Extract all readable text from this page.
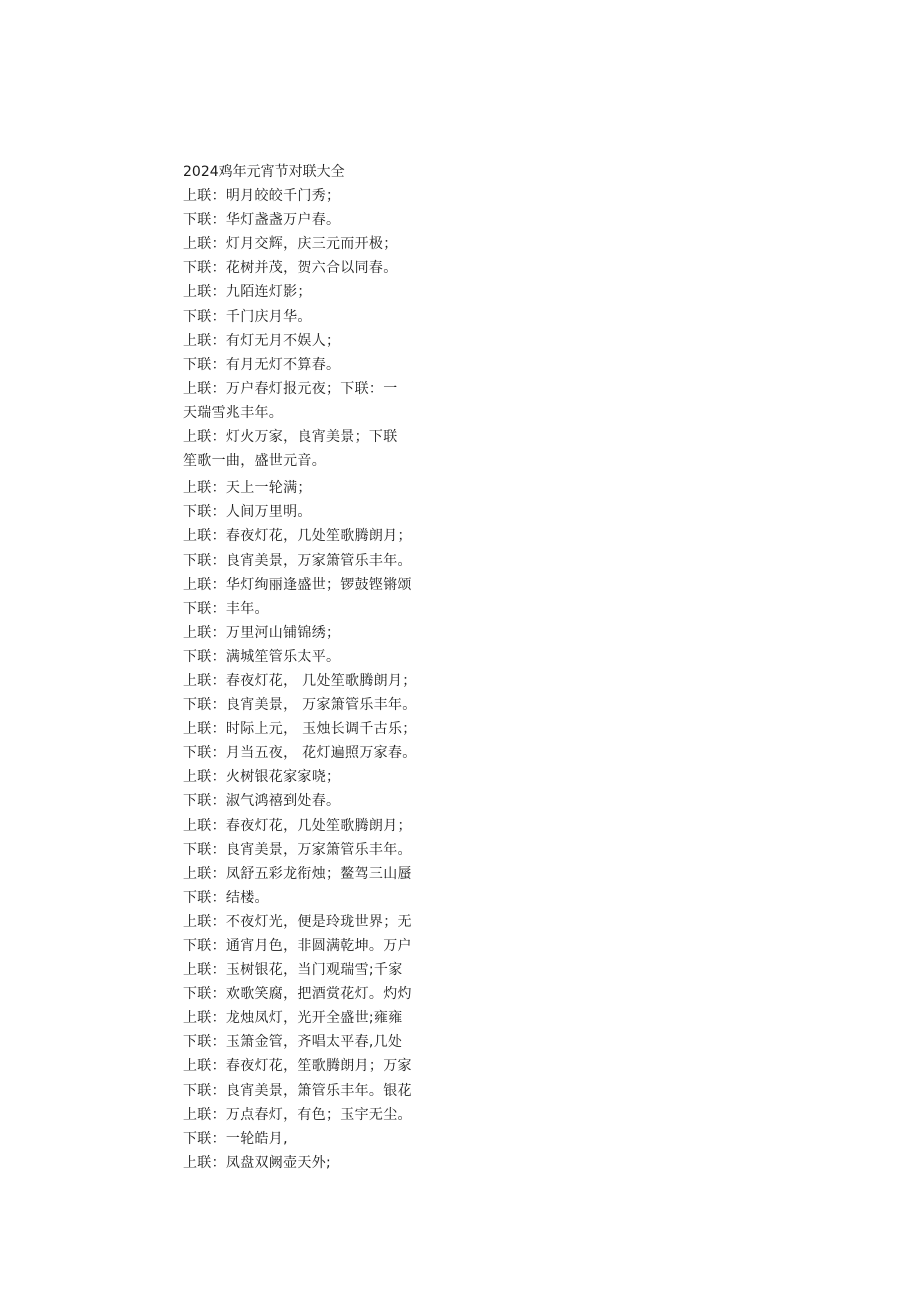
2024鸡年元宵节对联大全
上联：明月皎皎千门秀；
下联：华灯盏盏万户春。
上联：灯月交辉，庆三元而开极；
下联：花树并茂，贺六合以同春。
上联：九陌连灯影；
下联：千门庆月华。
上联：有灯无月不娱人；
下联：有月无灯不算春。
上联：万户春灯报元夜；下联：一
天瑞雪兆丰年。
上联：灯火万家，良宵美景；下联
笙歌一曲，盛世元音。
上联：天上一轮满；
下联：人间万里明。
上联：春夜灯花，几处笙歌腾朗月；
下联：良宵美景，万家箫管乐丰年。
上联：华灯绚丽逢盛世；锣鼓铿锵颂
下联：丰年。
上联：万里河山铺锦绣；
下联：满城笙管乐太平。
上联：春夜灯花， 几处笙歌腾朗月；
下联：良宵美景， 万家箫管乐丰年。
上联：时际上元， 玉烛长调千古乐；
下联：月当五夜， 花灯遍照万家春。
上联：火树银花家家哓；
下联：淑气鸿禧到处春。
上联：春夜灯花，几处笙歌腾朗月；
下联：良宵美景，万家箫管乐丰年。
上联：凤舒五彩龙衔烛；鳌驾三山蜃
下联：结楼。
上联：不夜灯光，便是玲珑世界；无
下联：通宵月色，非圆满乾坤。万户
上联：玉树银花，当门观瑞雪;千家
下联：欢歌笑腐，把酒赏花灯。灼灼
上联：龙烛凤灯，光开全盛世;雍雍
下联：玉箫金管，齐唱太平春,几处
上联：春夜灯花，笙歌腾朗月；万家
下联：良宵美景，箫管乐丰年。银花
上联：万点春灯，有色；玉宇无尘。
下联：一轮皓月,
上联：凤盘双阙壶天外;
